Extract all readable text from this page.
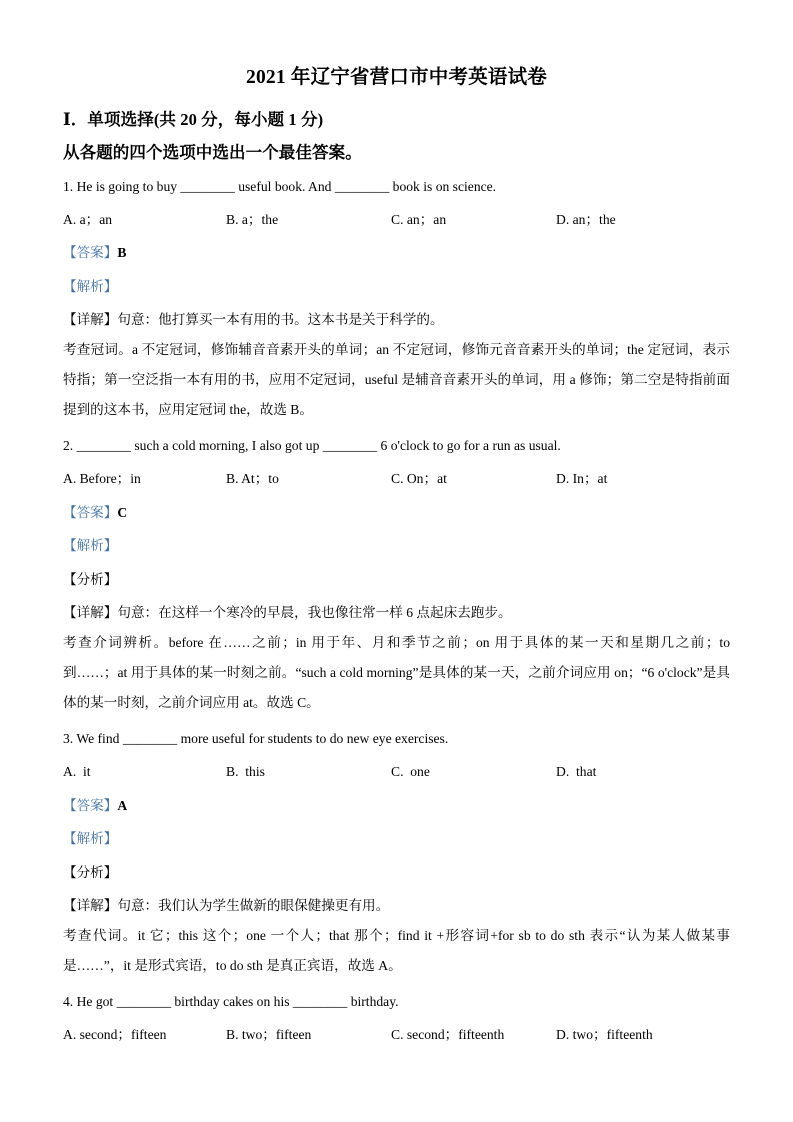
2021 年辽宁省营口市中考英语试卷

Ⅰ．单项选择(共 20 分，每小题 1 分)

从各题的四个选项中选出一个最佳答案。

1. He is going to buy ________ useful book. And ________ book is on science.

A. a；an	B. a；the	C. an；an	D. an；the

【答案】B

【解析】

【详解】句意：他打算买一本有用的书。这本书是关于科学的。

考查冠词。a 不定冠词，修饰辅音音素开头的单词；an 不定冠词，修饰元音音素开头的单词；the 定冠词，表示特指；第一空泛指一本有用的书，应用不定冠词，useful 是辅音音素开头的单词，用 a 修饰；第二空是特指前面提到的这本书，应用定冠词 the，故选 B。

2. ________ such a cold morning, I also got up ________ 6 o'clock to go for a run as usual.

A. Before；in	B. At；to	C. On；at	D. In；at

【答案】C

【解析】

【分析】

【详解】句意：在这样一个寒冷的早晨，我也像往常一样 6 点起床去跑步。

考查介词辨析。before 在……之前；in 用于年、月和季节之前；on 用于具体的某一天和星期几之前；to 到……；at 用于具体的某一时刻之前。“such a cold morning”是具体的某一天，之前介词应用 on；“6 o'clock”是具体的某一时刻，之前介词应用 at。故选 C。

3. We find ________ more useful for students to do new eye exercises.

A.  it	B.  this	C.  one	D.  that

【答案】A

【解析】

【分析】

【详解】句意：我们认为学生做新的眼保健操更有用。

考查代词。it 它；this 这个；one 一个人；that 那个；find it +形容词+for sb to do sth 表示“认为某人做某事是……”，it 是形式宾语，to do sth 是真正宾语，故选 A。

4. He got ________ birthday cakes on his ________ birthday.

A. second；fifteen	B. two；fifteen	C. second；fifteenth	D. two；fifteenth
